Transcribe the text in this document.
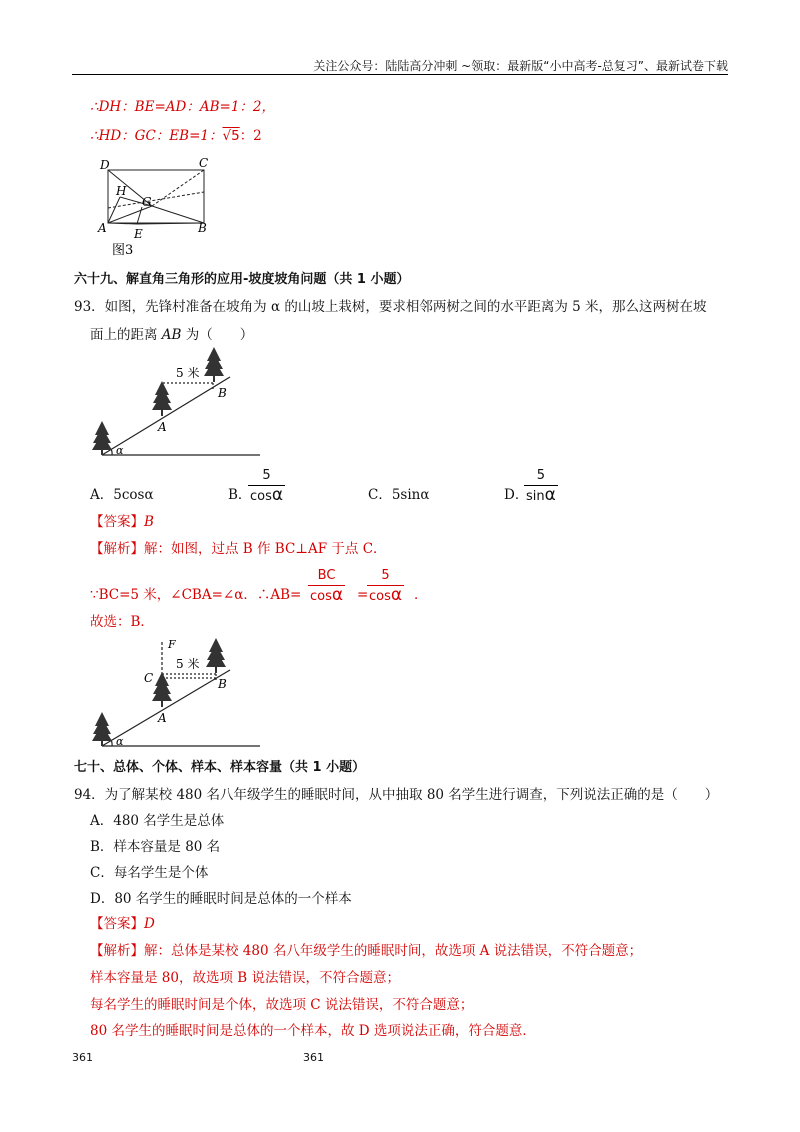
关注公众号：陆陆高分冲刺 ~领取：最新版“小中高考-总复习”、最新试卷下载
∴DH：BE=AD：AB=1：2，
∴HD：GC：EB=1：√5：2
D	C
H
G
A E	B
图3
六十九、解直角三角形的应用-坡度坡角问题（共 1 小题）
93．如图，先锋村准备在坡角为 α 的山坡上栽树，要求相邻两树之间的水平距离为 5 米，那么这两树在坡
面上的距离 AB 为（　　）
5 米
A
B
α
A．5cosα	B．
$\frac{5}{\cos\alpha}$	C．5sinα	D．
$\frac{5}{\sin\alpha}$
【答案】B
【解析】解：如图，过点 B 作 BC⊥AF 于点 C．
∵BC=5 米，∠CBA=∠α．∴AB= $\frac{BC}{\cos\alpha}$ =
$\frac{5}{\cos\alpha}$ ．
故选：B．
F
C
5 米
A
B
α
七十、总体、个体、样本、样本容量（共 1 小题）
94．为了解某校 480 名八年级学生的睡眠时间，从中抽取 80 名学生进行调查，下列说法正确的是（　　）
A．480 名学生是总体
B．样本容量是 80 名
C．每名学生是个体
D．80 名学生的睡眠时间是总体的一个样本
【答案】D
【解析】解：总体是某校 480 名八年级学生的睡眠时间，故选项 A 说法错误，不符合题意；
样本容量是 80，故选项 B 说法错误，不符合题意；
每名学生的睡眠时间是个体，故选项 C 说法错误，不符合题意；
80 名学生的睡眠时间是总体的一个样本，故 D 选项说法正确，符合题意．
361	361
